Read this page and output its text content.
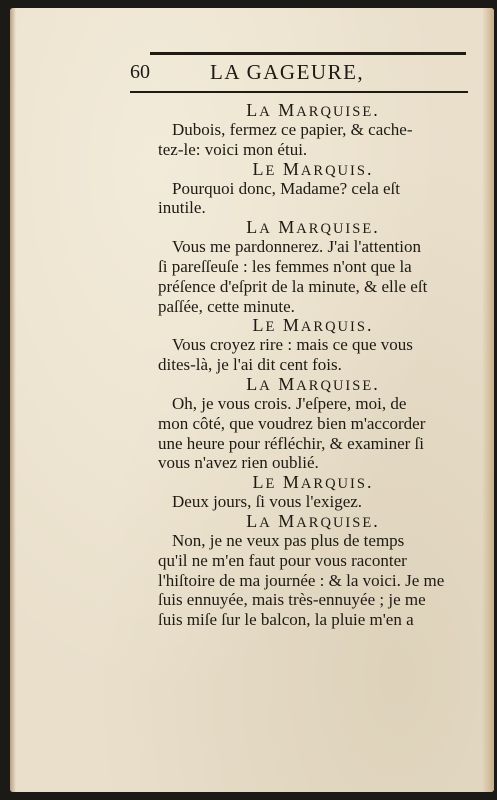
60	LA GAGEURE,
LA MARQUISE.
Dubois, fermez ce papier, & cache-
tez-le: voici mon étui.
LE MARQUIS.
Pourquoi donc, Madame? cela eſt
inutile.
LA MARQUISE.
Vous me pardonnerez. J'ai l'attention
ſi pareſſeuſe : les femmes n'ont que la
préſence d'eſprit de la minute, & elle eſt
paſſée, cette minute.
LE MARQUIS.
Vous croyez rire : mais ce que vous
dites-là, je l'ai dit cent fois.
LA MARQUISE.
Oh, je vous crois. J'eſpere, moi, de
mon côté, que voudrez bien m'accorder
une heure pour réfléchir, & examiner ſi
vous n'avez rien oublié.
LE MARQUIS.
Deux jours, ſi vous l'exigez.
LA MARQUISE.
Non, je ne veux pas plus de temps
qu'il ne m'en faut pour vous raconter
l'hiſtoire de ma journée : & la voici. Je me
ſuis ennuyée, mais très-ennuyée ; je me
ſuis miſe ſur le balcon, la pluie m'en a
